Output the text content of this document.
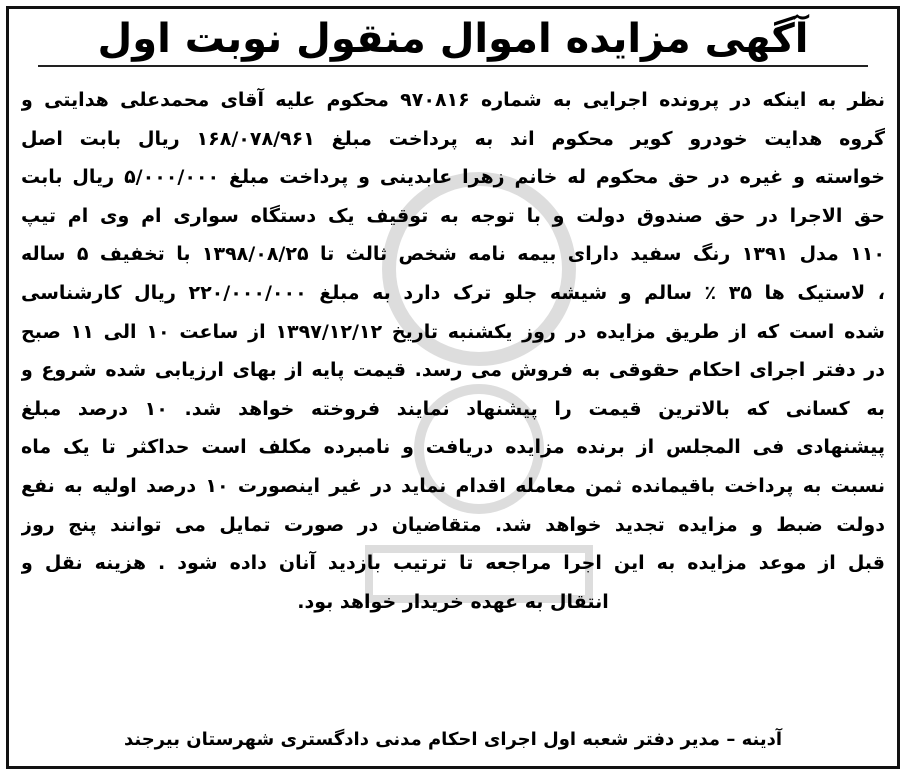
آگهی مزایده اموال منقول نوبت اول
نظر به اینکه در پرونده اجرایی به شماره ۹۷۰۸۱۶ محکوم علیه آقای محمدعلی هدایتی و
گروه هدایت خودرو کویر محکوم اند به پرداخت مبلغ ۱۶۸/۰۷۸/۹۶۱ ریال بابت اصل
خواسته و غیره در حق محکوم له خانم زهرا عابدینی و پرداخت مبلغ ۵/۰۰۰/۰۰۰ ریال بابت
حق الاجرا در حق صندوق دولت و با توجه به توقیف یک دستگاه سواری ام وی ام تیپ
۱۱۰ مدل ۱۳۹۱ رنگ سفید دارای بیمه نامه شخص ثالث تا ۱۳۹۸/۰۸/۲۵ با تخفیف ۵ ساله
، لاستیک ها ۳۵ ٪ سالم و شیشه جلو ترک دارد به مبلغ ۲۲۰/۰۰۰/۰۰۰ ریال کارشناسی
شده است که از طریق مزایده در روز یکشنبه تاریخ ۱۳۹۷/۱۲/۱۲ از ساعت ۱۰ الی ۱۱ صبح
در دفتر اجرای احکام حقوقی به فروش می رسد. قیمت پایه از بهای ارزیابی شده شروع و
به کسانی که بالاترین قیمت را پیشنهاد نمایند فروخته خواهد شد. ۱۰ درصد مبلغ
پیشنهادی فی المجلس از برنده مزایده دریافت و نامبرده مکلف است حداکثر تا یک ماه
نسبت به پرداخت باقیمانده ثمن معامله اقدام نماید در غیر اینصورت ۱۰ درصد اولیه به نفع
دولت ضبط و مزایده تجدید خواهد شد. متقاضیان در صورت تمایل می توانند پنج روز
قبل از موعد مزایده به این اجرا مراجعه تا ترتیب بازدید آنان داده شود . هزینه نقل و
انتقال به عهده خریدار خواهد بود.
آدینه – مدیر دفتر شعبه اول اجرای احکام مدنی دادگستری شهرستان بیرجند
